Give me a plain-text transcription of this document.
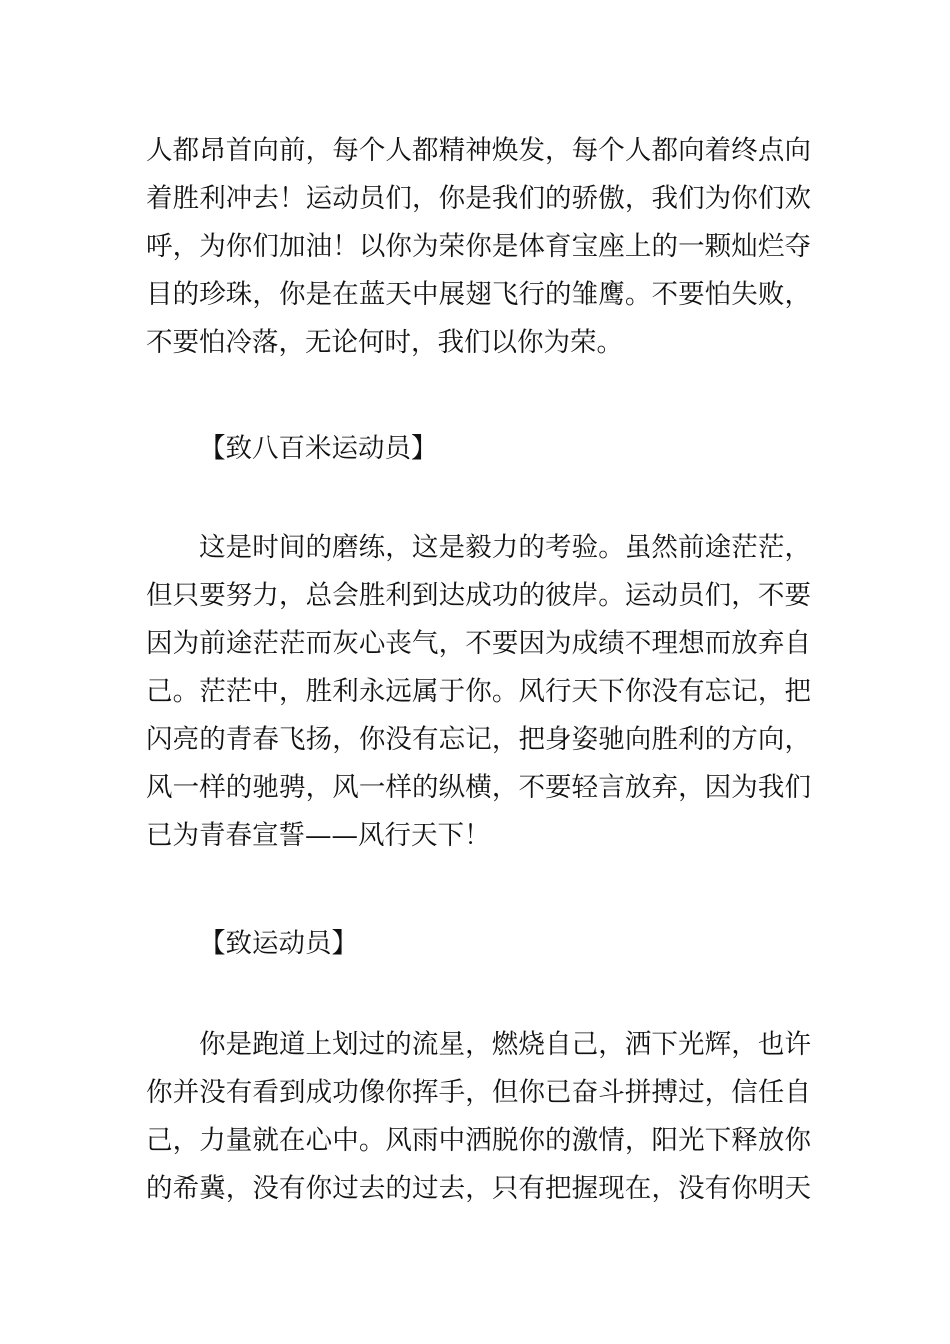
人都昂首向前，每个人都精神焕发，每个人都向着终点向
着胜利冲去！运动员们，你是我们的骄傲，我们为你们欢
呼，为你们加油！以你为荣你是体育宝座上的一颗灿烂夺
目的珍珠，你是在蓝天中展翅飞行的雏鹰。不要怕失败，
不要怕冷落，无论何时，我们以你为荣。
【致八百米运动员】
这是时间的磨练，这是毅力的考验。虽然前途茫茫，
但只要努力，总会胜利到达成功的彼岸。运动员们，不要
因为前途茫茫而灰心丧气，不要因为成绩不理想而放弃自
己。茫茫中，胜利永远属于你。风行天下你没有忘记，把
闪亮的青春飞扬，你没有忘记，把身姿驰向胜利的方向，
风一样的驰骋，风一样的纵横，不要轻言放弃，因为我们
已为青春宣誓——风行天下！
【致运动员】
你是跑道上划过的流星，燃烧自己，洒下光辉，也许
你并没有看到成功像你挥手，但你已奋斗拼搏过，信任自
己，力量就在心中。风雨中洒脱你的激情，阳光下释放你
的希冀，没有你过去的过去，只有把握现在，没有你明天
